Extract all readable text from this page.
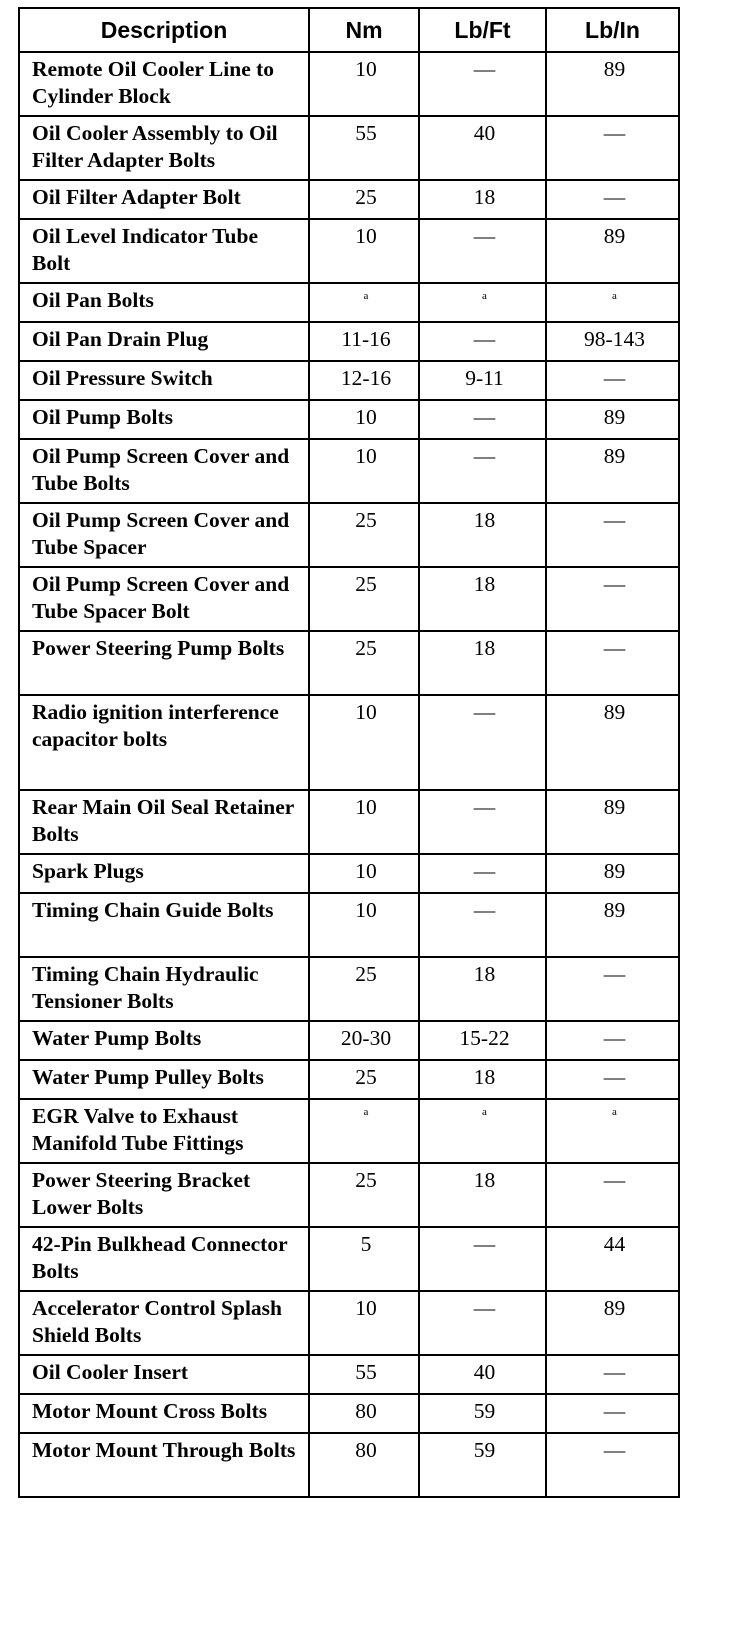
Description	Nm	Lb/Ft	Lb/In
Remote Oil Cooler Line to Cylinder Block	10	—	89
Oil Cooler Assembly to Oil Filter Adapter Bolts	55	40	—
Oil Filter Adapter Bolt	25	18	—
Oil Level Indicator Tube Bolt	10	—	89
Oil Pan Bolts	$^a$	$^a$	$^a$
Oil Pan Drain Plug	11-16	—	98-143
Oil Pressure Switch	12-16	9-11	—
Oil Pump Bolts	10	—	89
Oil Pump Screen Cover and Tube Bolts	10	—	89
Oil Pump Screen Cover and Tube Spacer	25	18	—
Oil Pump Screen Cover and Tube Spacer Bolt	25	18	—
Power Steering Pump Bolts	25	18	—
Radio ignition interference capacitor bolts	10	—	89
Rear Main Oil Seal Retainer Bolts	10	—	89
Spark Plugs	10	—	89
Timing Chain Guide Bolts	10	—	89
Timing Chain Hydraulic Tensioner Bolts	25	18	—
Water Pump Bolts	20-30	15-22	—
Water Pump Pulley Bolts	25	18	—
EGR Valve to Exhaust Manifold Tube Fittings	$^a$	$^a$	$^a$
Power Steering Bracket Lower Bolts	25	18	—
42-Pin Bulkhead Connector Bolts	5	—	44
Accelerator Control Splash Shield Bolts	10	—	89
Oil Cooler Insert	55	40	—
Motor Mount Cross Bolts	80	59	—
Motor Mount Through Bolts	80	59	—
